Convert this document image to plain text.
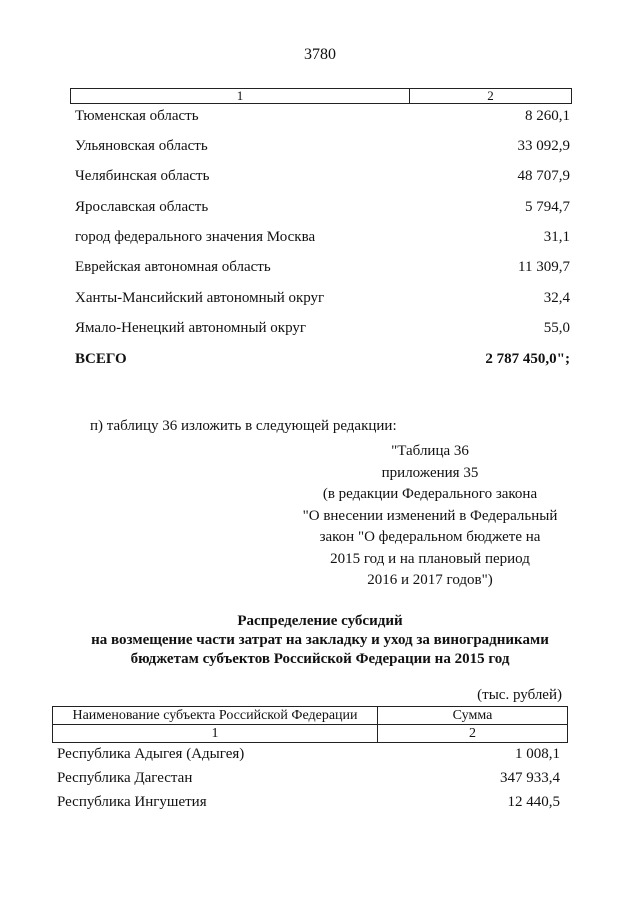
3780
1	2
Тюменская область	8 260,1
Ульяновская область	33 092,9
Челябинская область	48 707,9
Ярославская область	5 794,7
город федерального значения Москва	31,1
Еврейская автономная область	11 309,7
Ханты-Мансийский автономный округ	32,4
Ямало-Ненецкий автономный округ	55,0
ВСЕГО	2 787 450,0";
п) таблицу 36 изложить в следующей редакции:
"Таблица 36
приложения 35
(в редакции Федерального закона
"О внесении изменений в Федеральный
закон "О федеральном бюджете на
2015 год и на плановый период
2016 и 2017 годов")
Распределение субсидий
на возмещение части затрат на закладку и уход за виноградниками
бюджетам субъектов Российской Федерации на 2015 год
(тыс. рублей)
Наименование субъекта Российской Федерации	Сумма
1	2
Республика Адыгея (Адыгея)	1 008,1
Республика Дагестан	347 933,4
Республика Ингушетия	12 440,5
